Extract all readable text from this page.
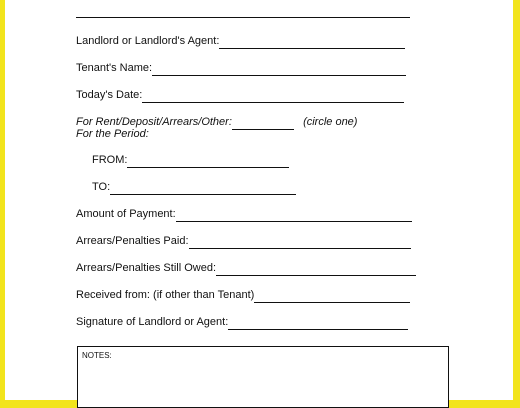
Landlord or Landlord's Agent:
Tenant's Name:
Today's Date:
For Rent/Deposit/Arrears/Other:	(circle one)
For the Period:
FROM:
TO:
Amount of Payment:
Arrears/Penalties Paid:
Arrears/Penalties Still Owed:
Received from: (if other than Tenant)
Signature of Landlord or Agent:
NOTES:
